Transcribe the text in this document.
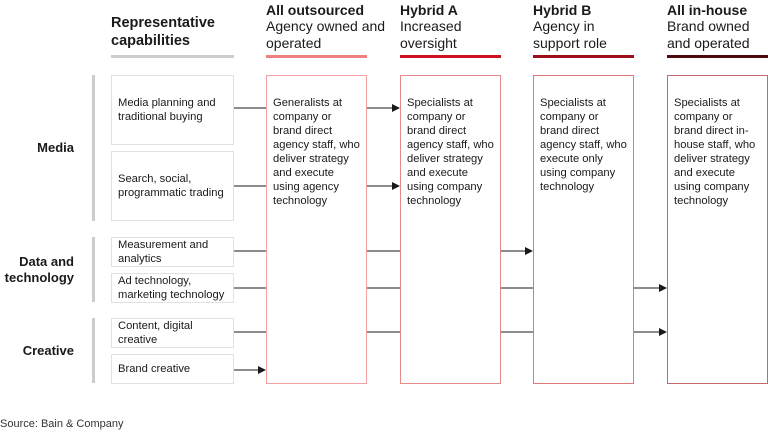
Representative capabilities
All outsourced
Agency owned and operated
Hybrid A
Increased oversight
Hybrid B
Agency in support role
All in-house
Brand owned and operated
Generalists at company or brand direct agency staff, who deliver strategy and execute using agency technology
Specialists at company or brand direct agency staff, who deliver strategy and execute using company technology
Specialists at company or brand direct agency staff, who execute only using company technology
Specialists at company or brand direct in-house staff, who deliver strategy and execute using company technology
Media
Data and technology
Creative
Media planning and traditional buying
Search, social, programmatic trading
Measurement and analytics
Ad technology, marketing technology
Content, digital creative
Brand creative
Source: Bain & Company
